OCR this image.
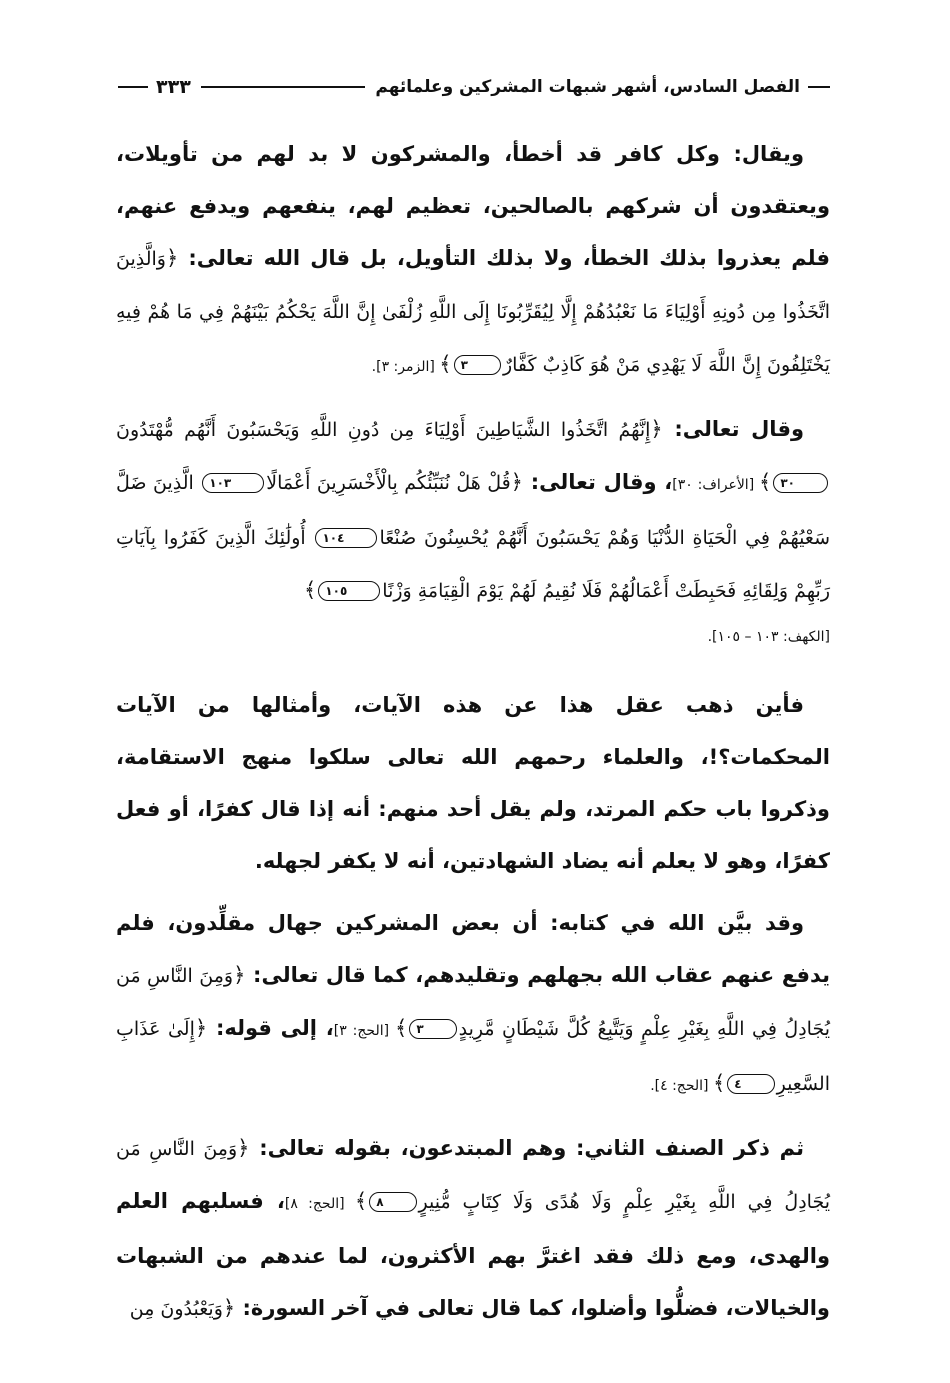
الفصل السادس، أشهر شبهات المشركين وعلمائهم
٣٣٣

ويقال: وكل كافر قد أخطأ، والمشركون لا بد لهم من تأويلات، ويعتقدون أن شركهم بالصالحين، تعظيم لهم، ينفعهم ويدفع عنهم، فلم يعذروا بذلك الخطأ، ولا بذلك التأويل، بل قال الله تعالى: ﴿وَالَّذِينَ اتَّخَذُوا مِن دُونِهِ أَوْلِيَاءَ مَا نَعْبُدُهُمْ إِلَّا لِيُقَرِّبُونَا إِلَى اللَّهِ زُلْفَىٰ إِنَّ اللَّهَ يَحْكُمُ بَيْنَهُمْ فِي مَا هُمْ فِيهِ يَخْتَلِفُونَ إِنَّ اللَّهَ لَا يَهْدِي مَنْ هُوَ كَاذِبٌ كَفَّارٌ٣﴾ [الزمر: ٣].

وقال تعالى: ﴿إِنَّهُمُ اتَّخَذُوا الشَّيَاطِينَ أَوْلِيَاءَ مِن دُونِ اللَّهِ وَيَحْسَبُونَ أَنَّهُم مُّهْتَدُونَ٣٠﴾ [الأعراف: ٣٠]، وقال تعالى: ﴿قُلْ هَلْ نُنَبِّئُكُم بِالْأَخْسَرِينَ أَعْمَالًا١٠٣ الَّذِينَ ضَلَّ سَعْيُهُمْ فِي الْحَيَاةِ الدُّنْيَا وَهُمْ يَحْسَبُونَ أَنَّهُمْ يُحْسِنُونَ صُنْعًا١٠٤ أُولَٰئِكَ الَّذِينَ كَفَرُوا بِآيَاتِ رَبِّهِمْ وَلِقَائِهِ فَحَبِطَتْ أَعْمَالُهُمْ فَلَا نُقِيمُ لَهُمْ يَوْمَ الْقِيَامَةِ وَزْنًا١٠٥﴾

[الكهف: ١٠٣ – ١٠٥].

فأين ذهب عقل هذا عن هذه الآيات، وأمثالها من الآيات المحكمات؟!، والعلماء رحمهم الله تعالى سلكوا منهج الاستقامة، وذكروا باب حكم المرتد، ولم يقل أحد منهم: أنه إذا قال كفرًا، أو فعل كفرًا، وهو لا يعلم أنه يضاد الشهادتين، أنه لا يكفر لجهله.

وقد بيَّن الله في كتابه: أن بعض المشركين جهال مقلِّدون، فلم يدفع عنهم عقاب الله بجهلهم وتقليدهم، كما قال تعالى: ﴿وَمِنَ النَّاسِ مَن يُجَادِلُ فِي اللَّهِ بِغَيْرِ عِلْمٍ وَيَتَّبِعُ كُلَّ شَيْطَانٍ مَّرِيدٍ٣﴾ [الحج: ٣]، إلى قوله: ﴿إِلَىٰ عَذَابِ السَّعِيرِ٤﴾ [الحج: ٤].

ثم ذكر الصنف الثاني: وهم المبتدعون، بقوله تعالى: ﴿وَمِنَ النَّاسِ مَن يُجَادِلُ فِي اللَّهِ بِغَيْرِ عِلْمٍ وَلَا هُدًى وَلَا كِتَابٍ مُّنِيرٍ٨﴾ [الحج: ٨]، فسلبهم العلم والهدى، ومع ذلك فقد اغترَّ بهم الأكثرون، لما عندهم من الشبهات والخيالات، فضلُّوا وأضلوا، كما قال تعالى في آخر السورة: ﴿وَيَعْبُدُونَ مِن
